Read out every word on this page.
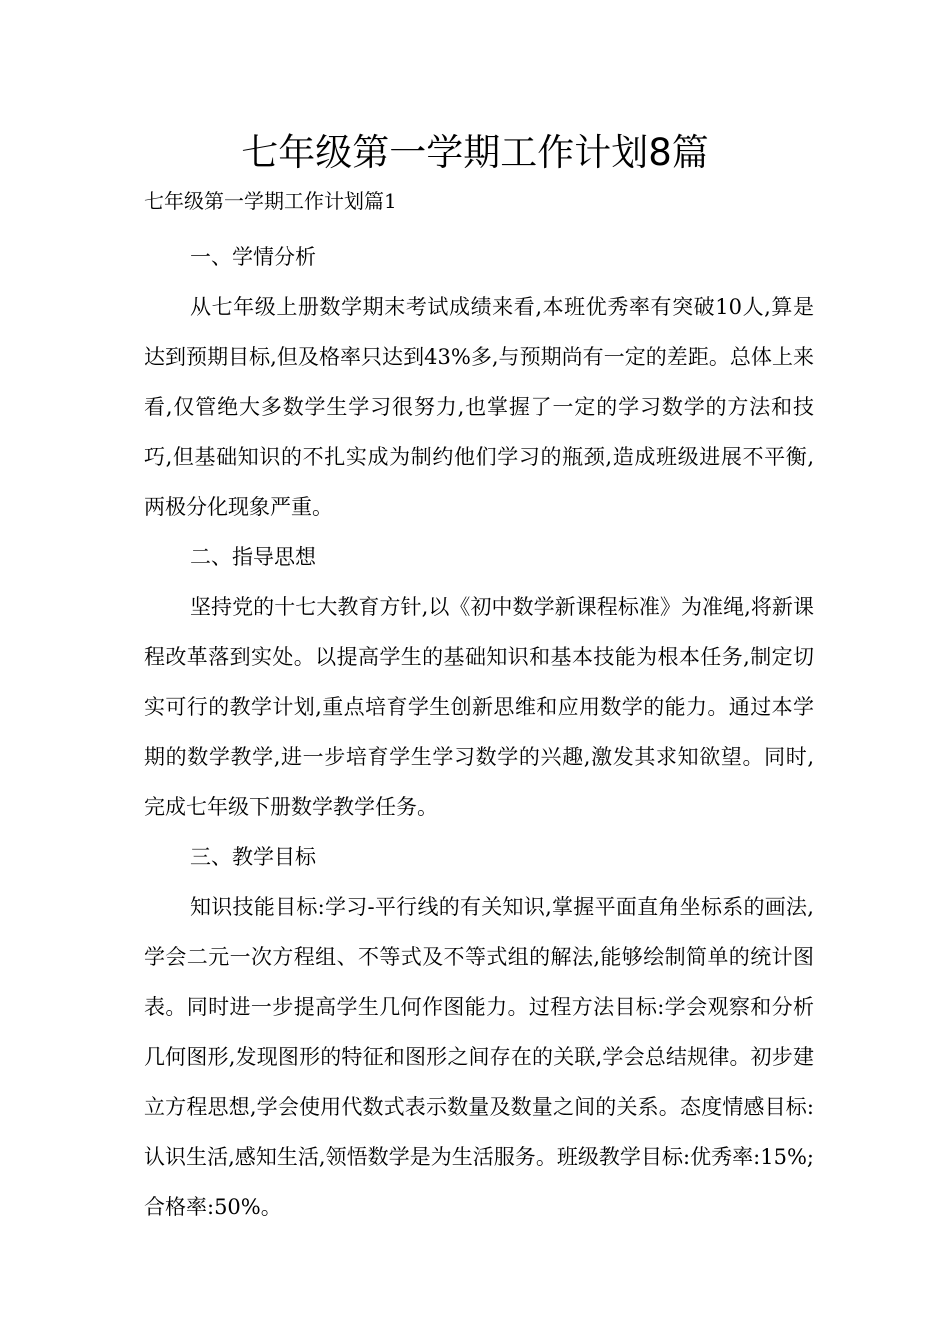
七年级第一学期工作计划8篇
七年级第一学期工作计划篇1

一、学情分析

从七年级上册数学期末考试成绩来看,本班优秀率有突破10人,算是达到预期目标,但及格率只达到43%多,与预期尚有一定的差距。总体上来看,仅管绝大多数学生学习很努力,也掌握了一定的学习数学的方法和技巧,但基础知识的不扎实成为制约他们学习的瓶颈,造成班级进展不平衡,两极分化现象严重。

二、指导思想

坚持党的十七大教育方针,以《初中数学新课程标准》为准绳,将新课程改革落到实处。以提高学生的基础知识和基本技能为根本任务,制定切实可行的教学计划,重点培育学生创新思维和应用数学的能力。通过本学期的数学教学,进一步培育学生学习数学的兴趣,激发其求知欲望。同时,完成七年级下册数学教学任务。

三、教学目标

知识技能目标:学习-平行线的有关知识,掌握平面直角坐标系的画法,学会二元一次方程组、不等式及不等式组的解法,能够绘制简单的统计图表。同时进一步提高学生几何作图能力。过程方法目标:学会观察和分析几何图形,发现图形的特征和图形之间存在的关联,学会总结规律。初步建立方程思想,学会使用代数式表示数量及数量之间的关系。态度情感目标:认识生活,感知生活,领悟数学是为生活服务。班级教学目标:优秀率:15%;合格率:50%。
